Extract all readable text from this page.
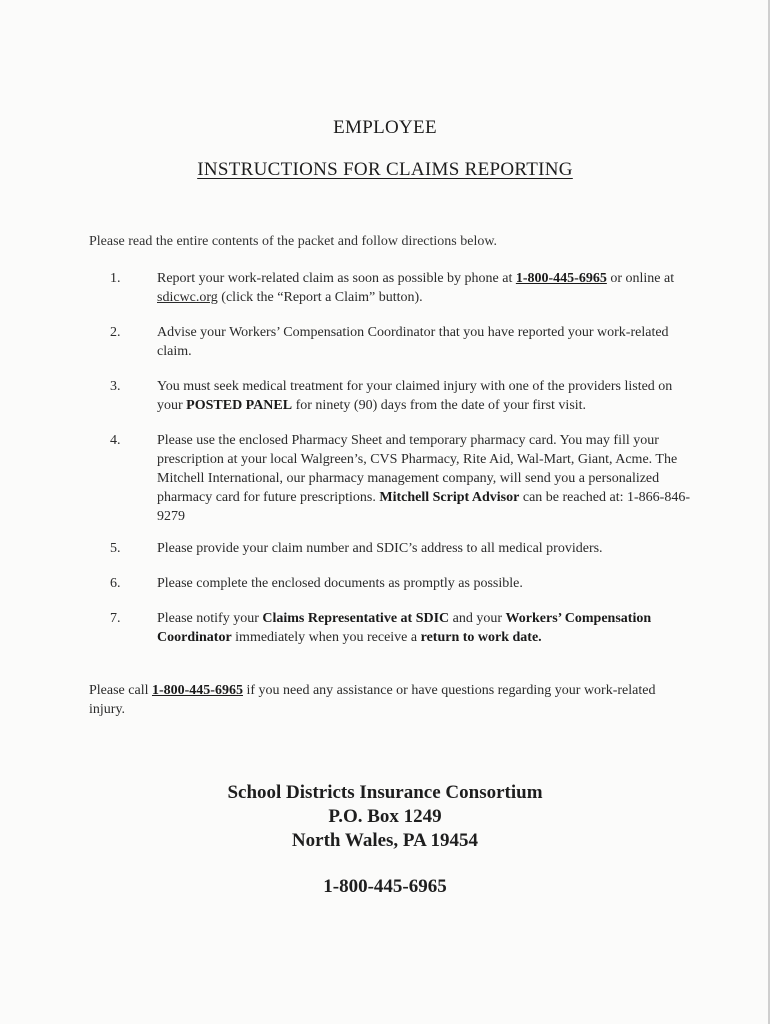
EMPLOYEE
INSTRUCTIONS FOR CLAIMS REPORTING
Please read the entire contents of the packet and follow directions below.
1.	Report your work-related claim as soon as possible by phone at 1-800-445-6965 or online at sdicwc.org (click the “Report a Claim” button).
2.	Advise your Workers’ Compensation Coordinator that you have reported your work-related claim.
3.	You must seek medical treatment for your claimed injury with one of the providers listed on your POSTED PANEL for ninety (90) days from the date of your first visit.
4.	Please use the enclosed Pharmacy Sheet and temporary pharmacy card. You may fill your prescription at your local Walgreen’s, CVS Pharmacy, Rite Aid, Wal-Mart, Giant, Acme. The Mitchell International, our pharmacy management company, will send you a personalized pharmacy card for future prescriptions. Mitchell Script Advisor can be reached at: 1-866-846-9279
5.	Please provide your claim number and SDIC’s address to all medical providers.
6.	Please complete the enclosed documents as promptly as possible.
7.	Please notify your Claims Representative at SDIC and your Workers’ Compensation Coordinator immediately when you receive a return to work date.
Please call 1-800-445-6965 if you need any assistance or have questions regarding your work-related injury.
School Districts Insurance Consortium
P.O. Box 1249
North Wales, PA 19454
1-800-445-6965
